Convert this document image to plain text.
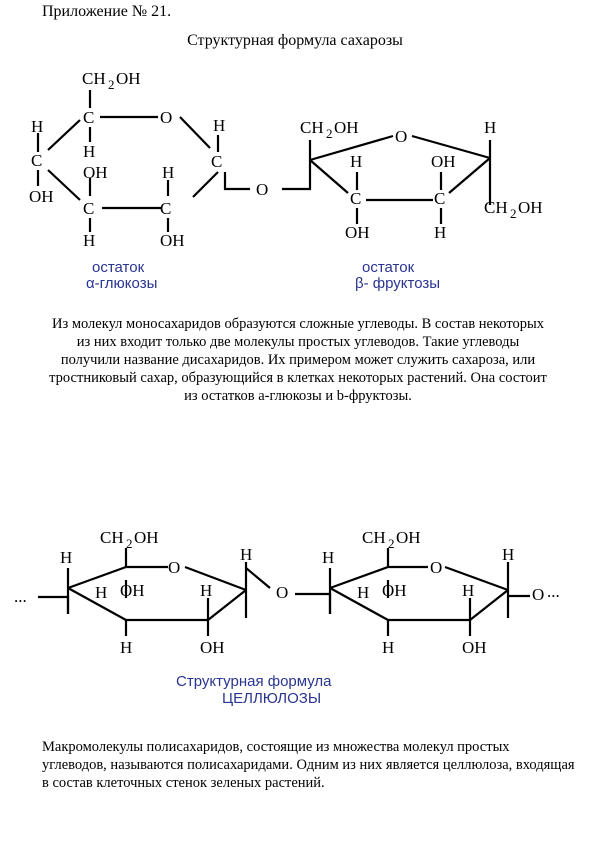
Приложение № 21.
Структурная формула сахарозы
CH 2 OH
C	O
H
C
OH
H
OH
C
H
H
C
OH
H
C
O
CH 2 OH O	H
H
C
OH
OH
C
H
CH 2 OH
остаток
α-глюкозы
остаток
β- фруктозы
...
H
CH 2 OH
O
H
H OH	H
H	OH
O
H
CH 2 OH
O
H
H OH	H
H	OH
O ...
Структурная формула
ЦЕЛЛЮЛОЗЫ
Из молекул моносахаридов образуются сложные углеводы. В состав некоторых из них входит только две молекулы простых углеводов. Такие углеводы получили название дисахаридов. Их примером может служить сахароза, или тростниковый сахар, образующийся в клетках некоторых растений. Она состоит из остатков a-глюкозы и b-фруктозы.
Макромолекулы полисахаридов, состоящие из множества молекул простых углеводов, называются полисахаридами. Одним из них является целлюлоза, входящая в состав клеточных стенок зеленых растений.
